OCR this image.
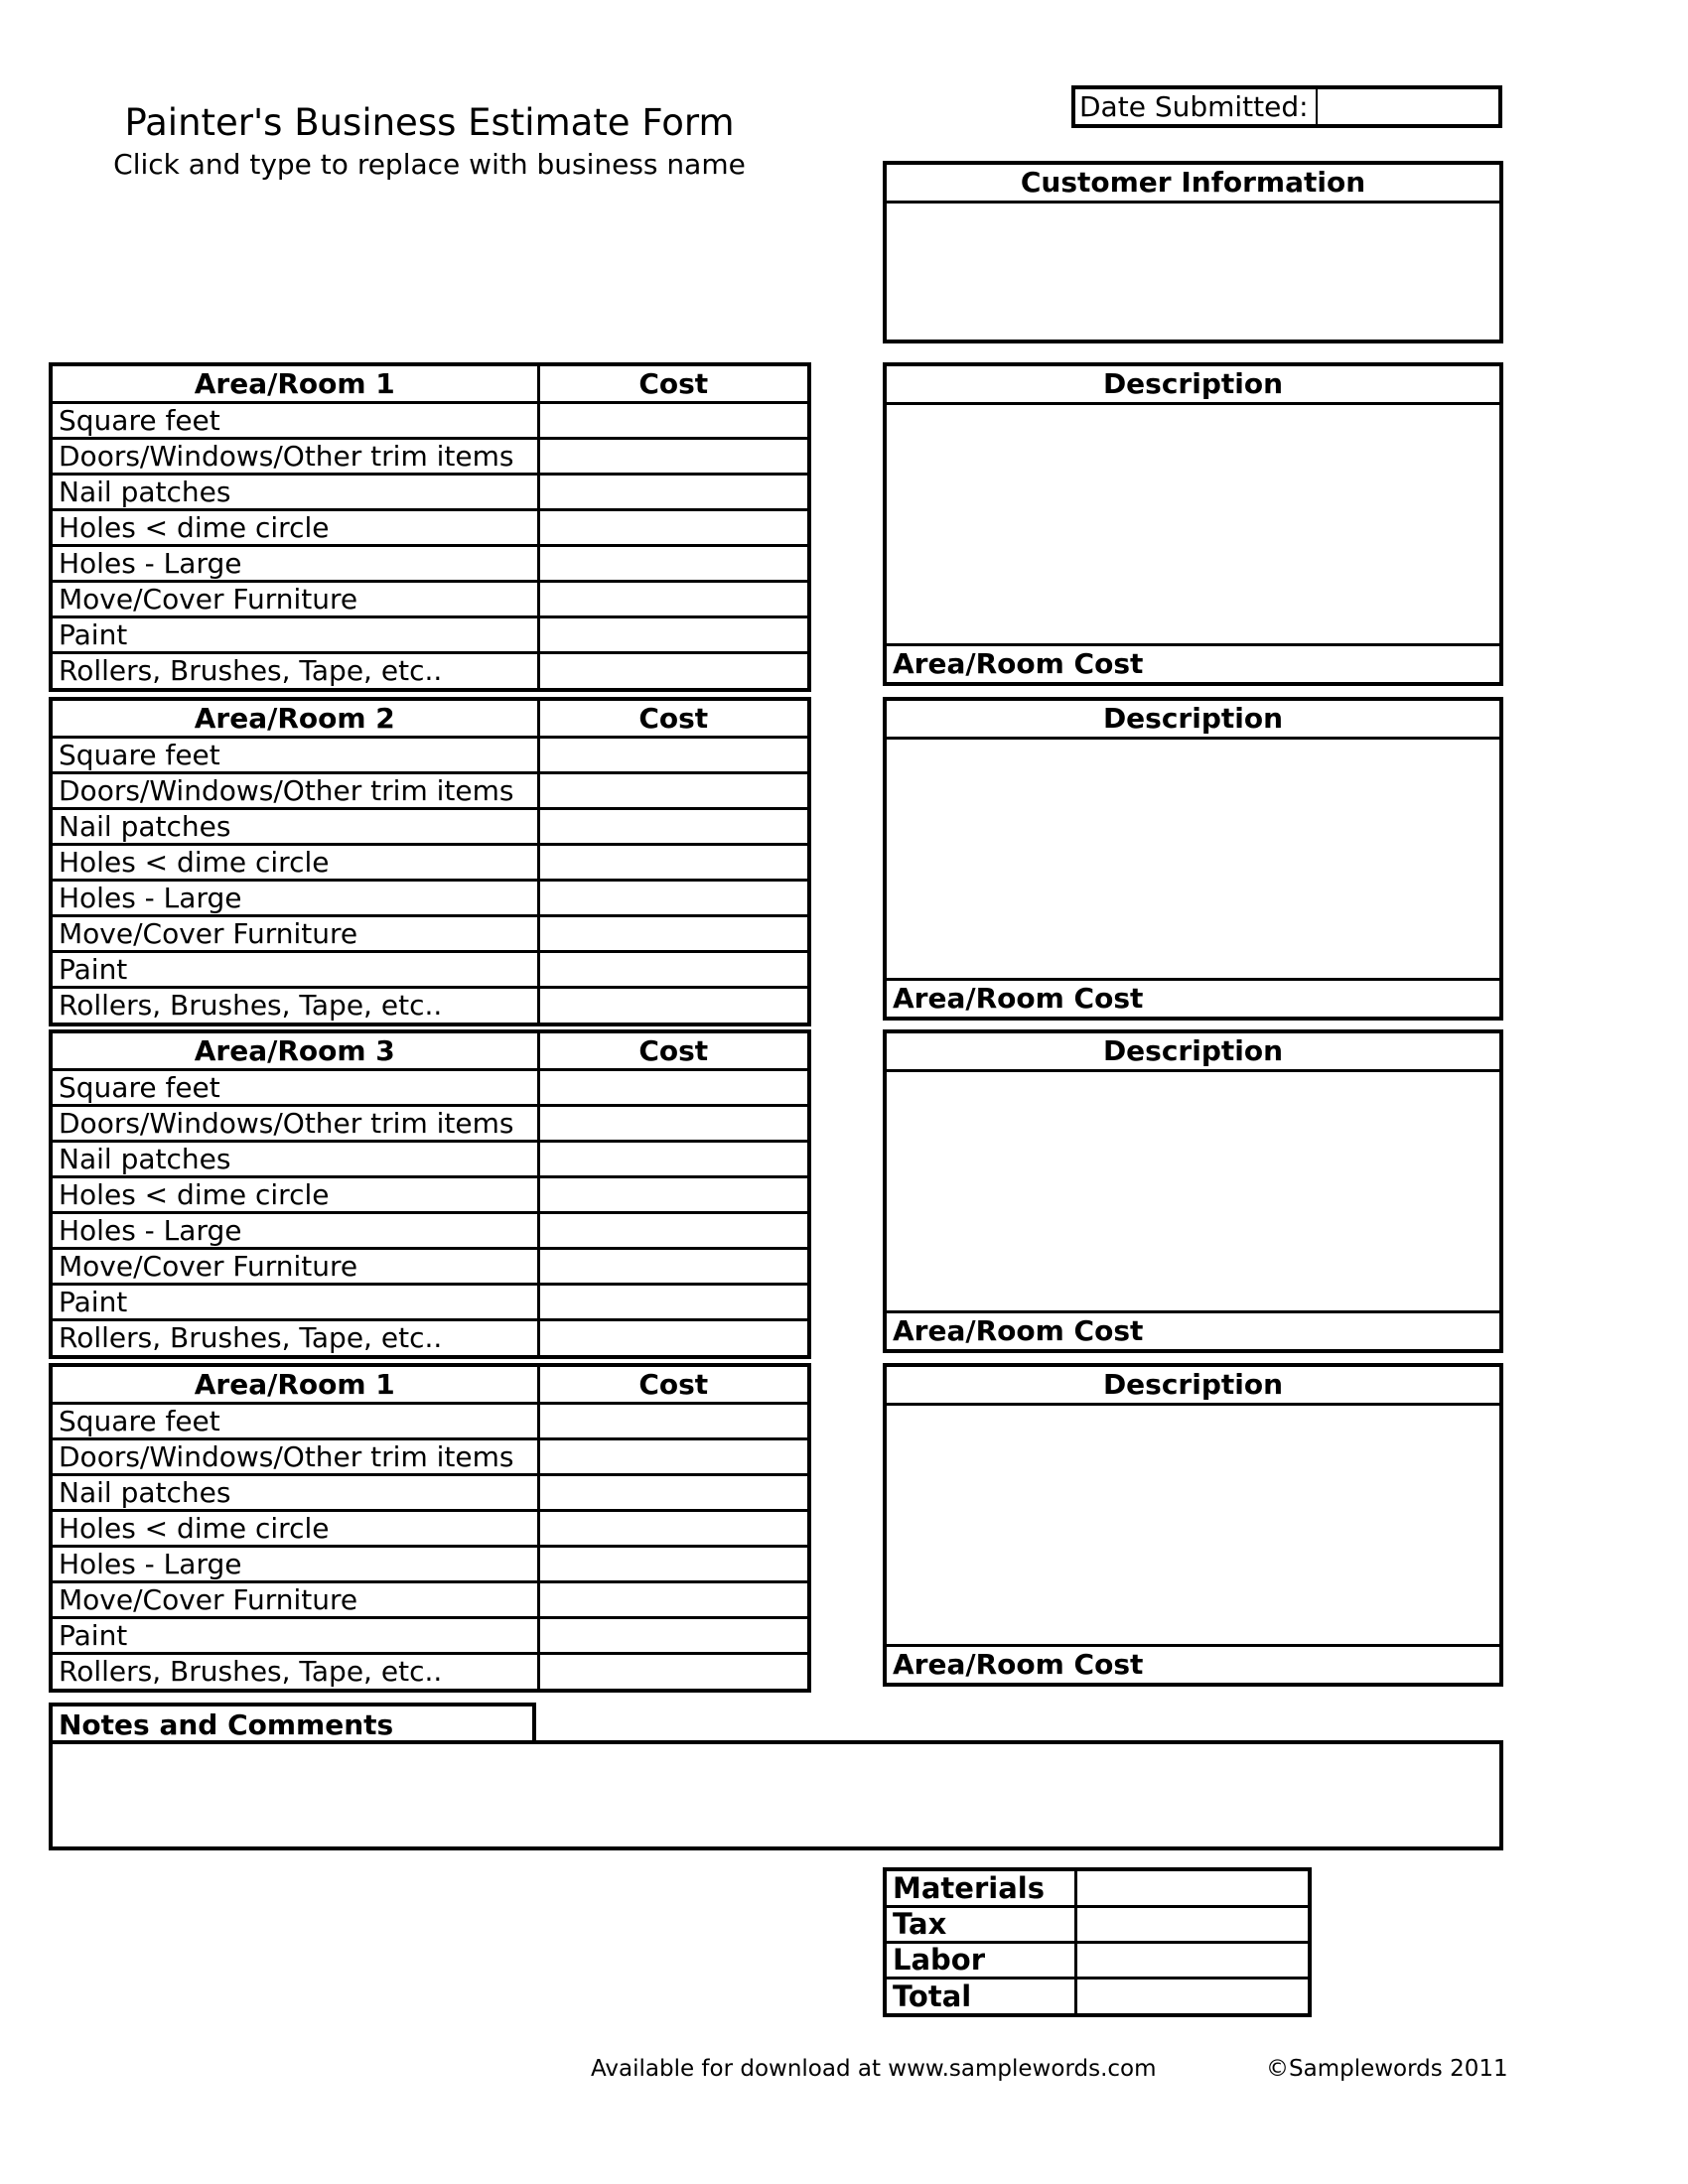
Painter's Business Estimate Form
Click and type to replace with business name
Date Submitted:
Customer Information
Area/Room 1	Cost
Square feet	
Doors/Windows/Other trim items	
Nail patches	
Holes < dime circle	
Holes - Large	
Move/Cover Furniture	
Paint	
Rollers, Brushes, Tape, etc..	
Description
Area/Room Cost
Area/Room 2	Cost
Square feet	
Doors/Windows/Other trim items	
Nail patches	
Holes < dime circle	
Holes - Large	
Move/Cover Furniture	
Paint	
Rollers, Brushes, Tape, etc..	
Description
Area/Room Cost
Area/Room 3	Cost
Square feet	
Doors/Windows/Other trim items	
Nail patches	
Holes < dime circle	
Holes - Large	
Move/Cover Furniture	
Paint	
Rollers, Brushes, Tape, etc..	
Description
Area/Room Cost
Area/Room 1	Cost
Square feet	
Doors/Windows/Other trim items	
Nail patches	
Holes < dime circle	
Holes - Large	
Move/Cover Furniture	
Paint	
Rollers, Brushes, Tape, etc..	
Description
Area/Room Cost
Notes and Comments
Materials	
Tax	
Labor	
Total	
Available for download at www.samplewords.com	©Samplewords 2011
